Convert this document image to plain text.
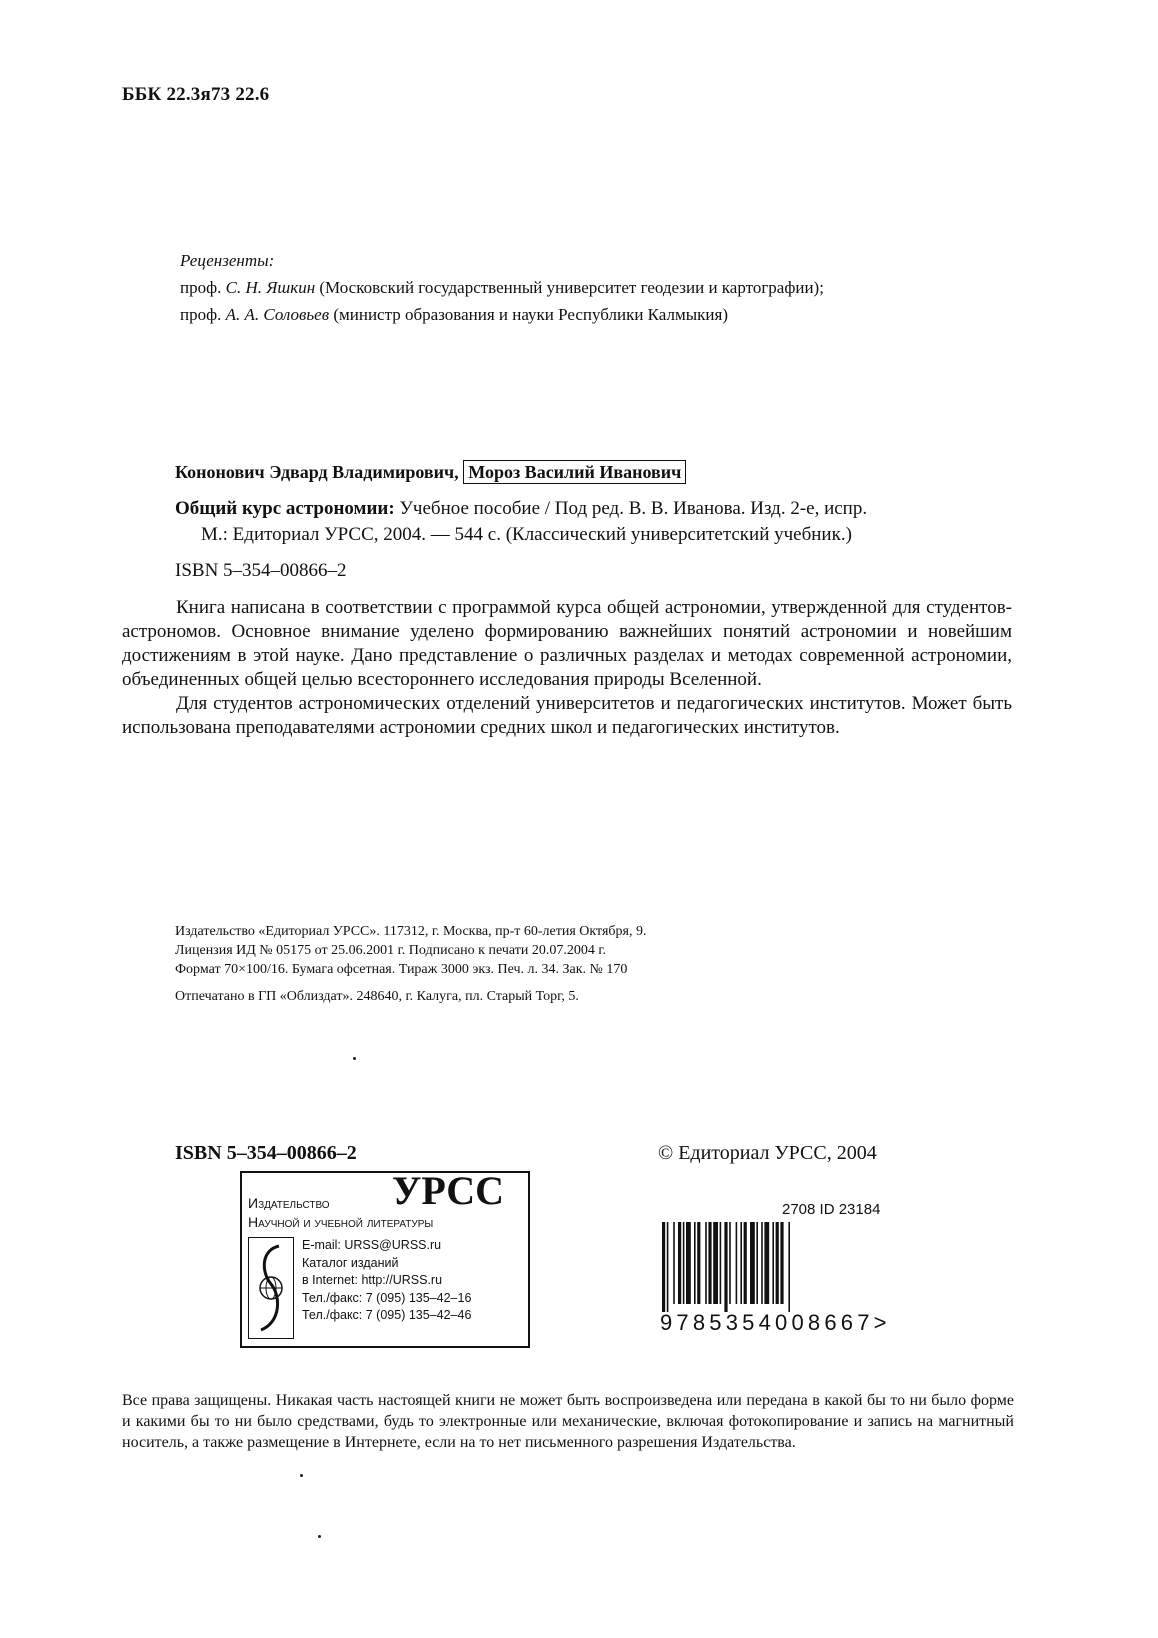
ББК 22.3я73 22.6
Рецензенты:
проф. С. Н. Яшкин (Московский государственный университет геодезии и картографии);
проф. А. А. Соловьев (министр образования и науки Республики Калмыкия)
Кононович Эдвард Владимирович, Мороз Василий Иванович
Общий курс астрономии: Учебное пособие / Под ред. В. В. Иванова. Изд. 2-е, испр.
М.: Едиториал УРСС, 2004. — 544 с. (Классический университетский учебник.)
ISBN 5–354–00866–2

Книга написана в соответствии с программой курса общей астрономии, утвержденной для студентов-астрономов. Основное внимание уделено формированию важнейших понятий астрономии и новейшим достижениям в этой науке. Дано представление о различных разделах и методах современной астрономии, объединенных общей целью всестороннего исследования природы Вселенной.

Для студентов астрономических отделений университетов и педагогических институтов. Может быть использована преподавателями астрономии средних школ и педагогических институтов.

Издательство «Едиториал УРСС». 117312, г. Москва, пр-т 60-летия Октября, 9.
Лицензия ИД № 05175 от 25.06.2001 г. Подписано к печати 20.07.2004 г.
Формат 70×100/16. Бумага офсетная. Тираж 3000 экз. Печ. л. 34. Зак. № 170
Отпечатано в ГП «Облиздат». 248640, г. Калуга, пл. Старый Торг, 5.
ISBN 5–354–00866–2	© Едиториал УРСС, 2004
Издательство УРСС
Научной и учебной литературы
E-mail: URSS@URSS.ru
Каталог изданий
в Internet: http://URSS.ru
Тел./факс: 7 (095) 135–42–16
Тел./факс: 7 (095) 135–42–46
2708 ID 23184
9785354008667>
Все права защищены. Никакая часть настоящей книги не может быть воспроизведена или передана в какой бы то ни было форме и какими бы то ни было средствами, будь то электронные или механические, включая фотокопирование и запись на магнитный носитель, а также размещение в Интернете, если на то нет письменного разрешения Издательства.
